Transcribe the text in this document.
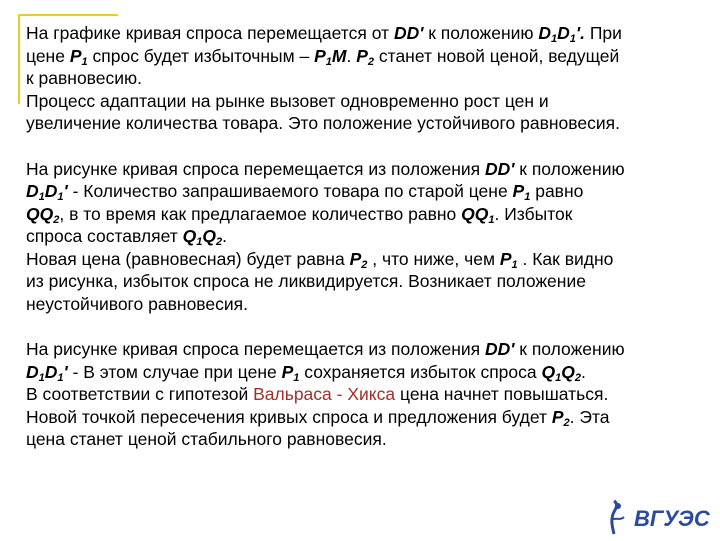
На графике кривая спроса перемещается от DD' к положению $D_1D_1'$. При
цене $P_1$ спрос будет избыточным – $P_1M$. $P_2$ станет новой ценой, ведущей
к равновесию.
Процесс адаптации на рынке вызовет одновременно рост цен и
увеличение количества товара. Это положение устойчивого равновесия.
На рисунке кривая спроса перемещается из положения DD' к положению
$D_1D_1'$ - Количество запрашиваемого товара по старой цене $P_1$ равно
$QQ_2$, в то время как предлагаемое количество равно $QQ_1$. Избыток
спроса составляет $Q_1Q_2$.
Новая цена (равновесная) будет равна $P_2$ , что ниже, чем $P_1$ . Как видно
из рисунка, избыток спроса не ликвидируется. Возникает положение
неустойчивого равновесия.
На рисунке кривая спроса перемещается из положения DD' к положению
$D_1D_1'$ - В этом случае при цене $P_1$ сохраняется избыток спроса $Q_1Q_2$.
В соответствии с гипотезой Вальраса - Хикса цена начнет повышаться.
Новой точкой пересечения кривых спроса и предложения будет $P_2$. Эта
цена станет ценой стабильного равновесия.
ВГУЭС
